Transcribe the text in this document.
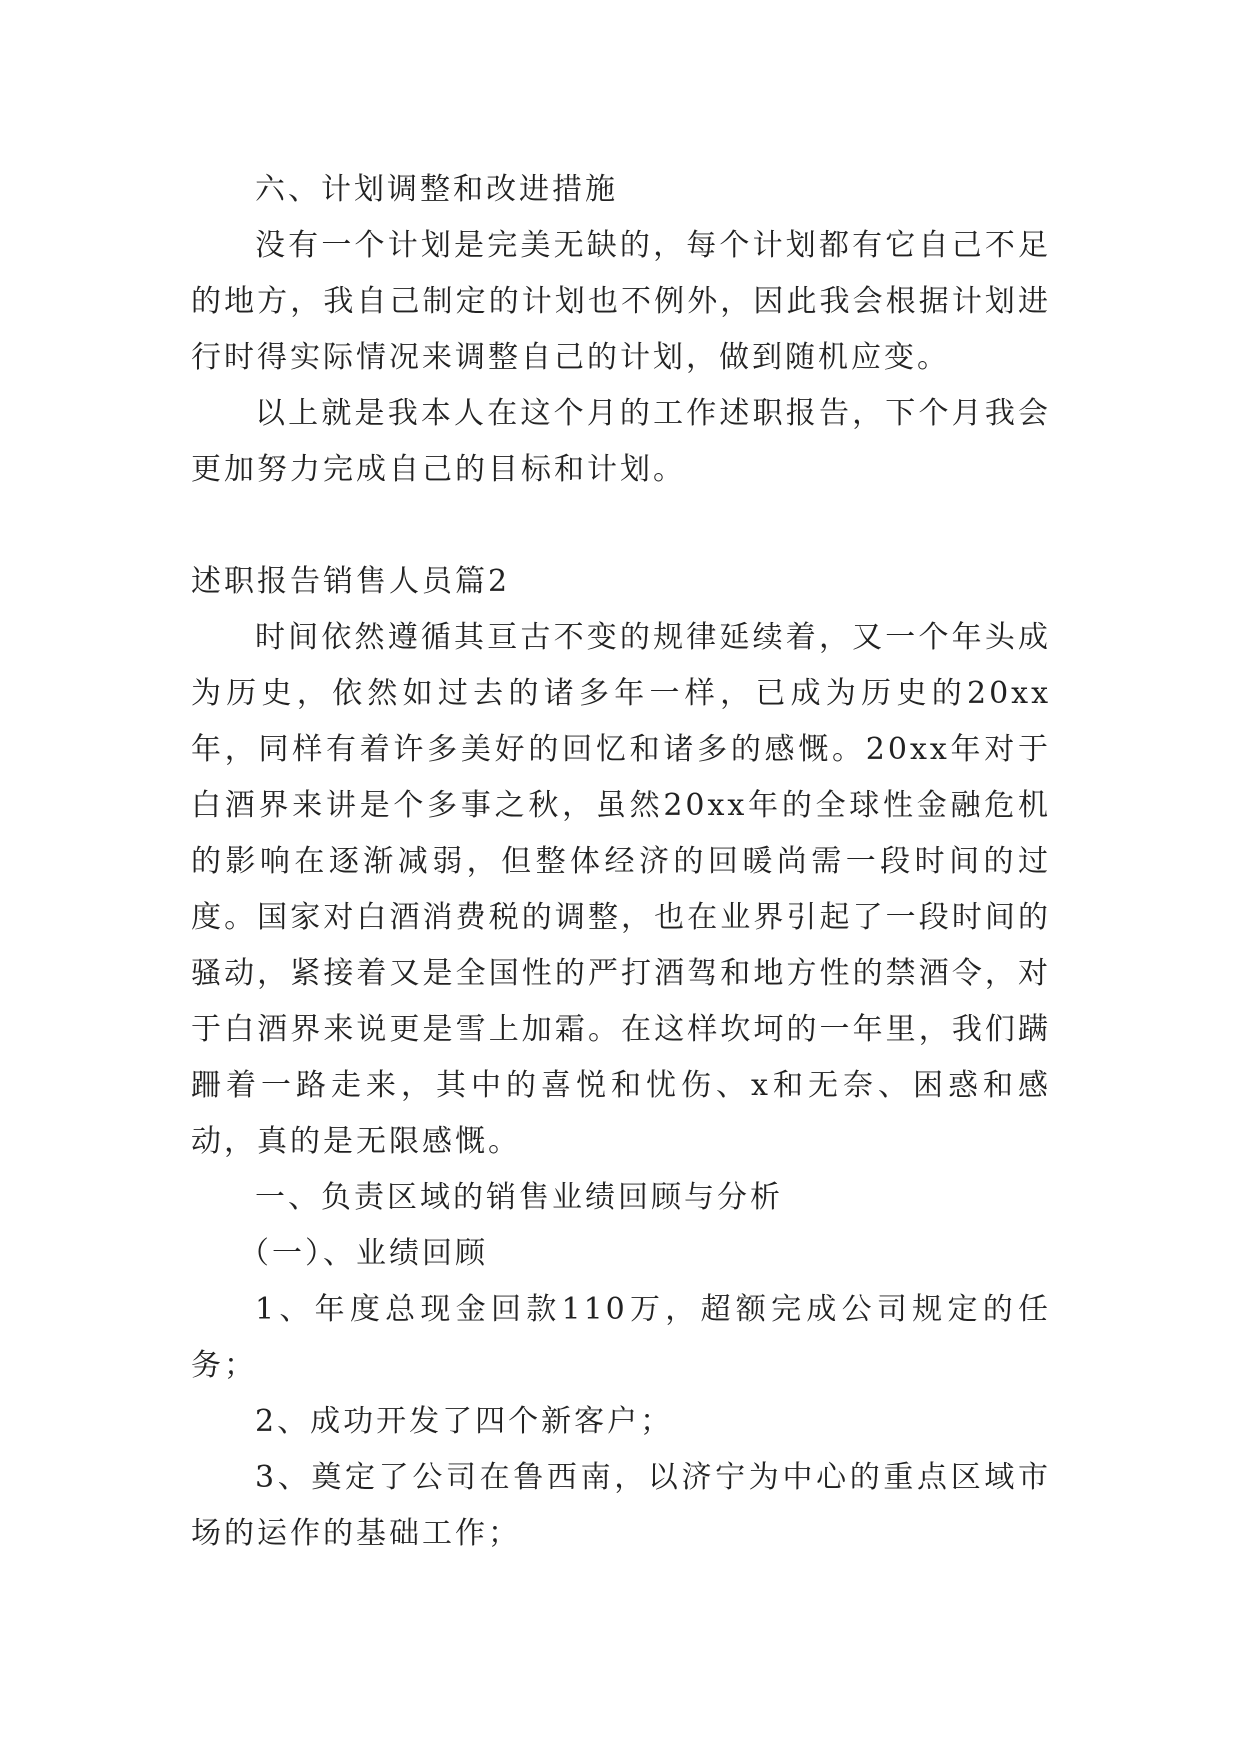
六、计划调整和改进措施

没有一个计划是完美无缺的，每个计划都有它自己不足的地方，我自己制定的计划也不例外，因此我会根据计划进行时得实际情况来调整自己的计划，做到随机应变。

以上就是我本人在这个月的工作述职报告，下个月我会更加努力完成自己的目标和计划。

述职报告销售人员篇2

时间依然遵循其亘古不变的规律延续着，又一个年头成为历史，依然如过去的诸多年一样，已成为历史的20xx年，同样有着许多美好的回忆和诸多的感慨。20xx年对于白酒界来讲是个多事之秋，虽然20xx年的全球性金融危机的影响在逐渐减弱，但整体经济的回暖尚需一段时间的过度。国家对白酒消费税的调整，也在业界引起了一段时间的骚动，紧接着又是全国性的严打酒驾和地方性的禁酒令，对于白酒界来说更是雪上加霜。在这样坎坷的一年里，我们蹒跚着一路走来，其中的喜悦和忧伤、x和无奈、困惑和感动，真的是无限感慨。

一、负责区域的销售业绩回顾与分析

（一）、业绩回顾

1、年度总现金回款110万，超额完成公司规定的任务；

2、成功开发了四个新客户；

3、奠定了公司在鲁西南，以济宁为中心的重点区域市场的运作的基础工作；
